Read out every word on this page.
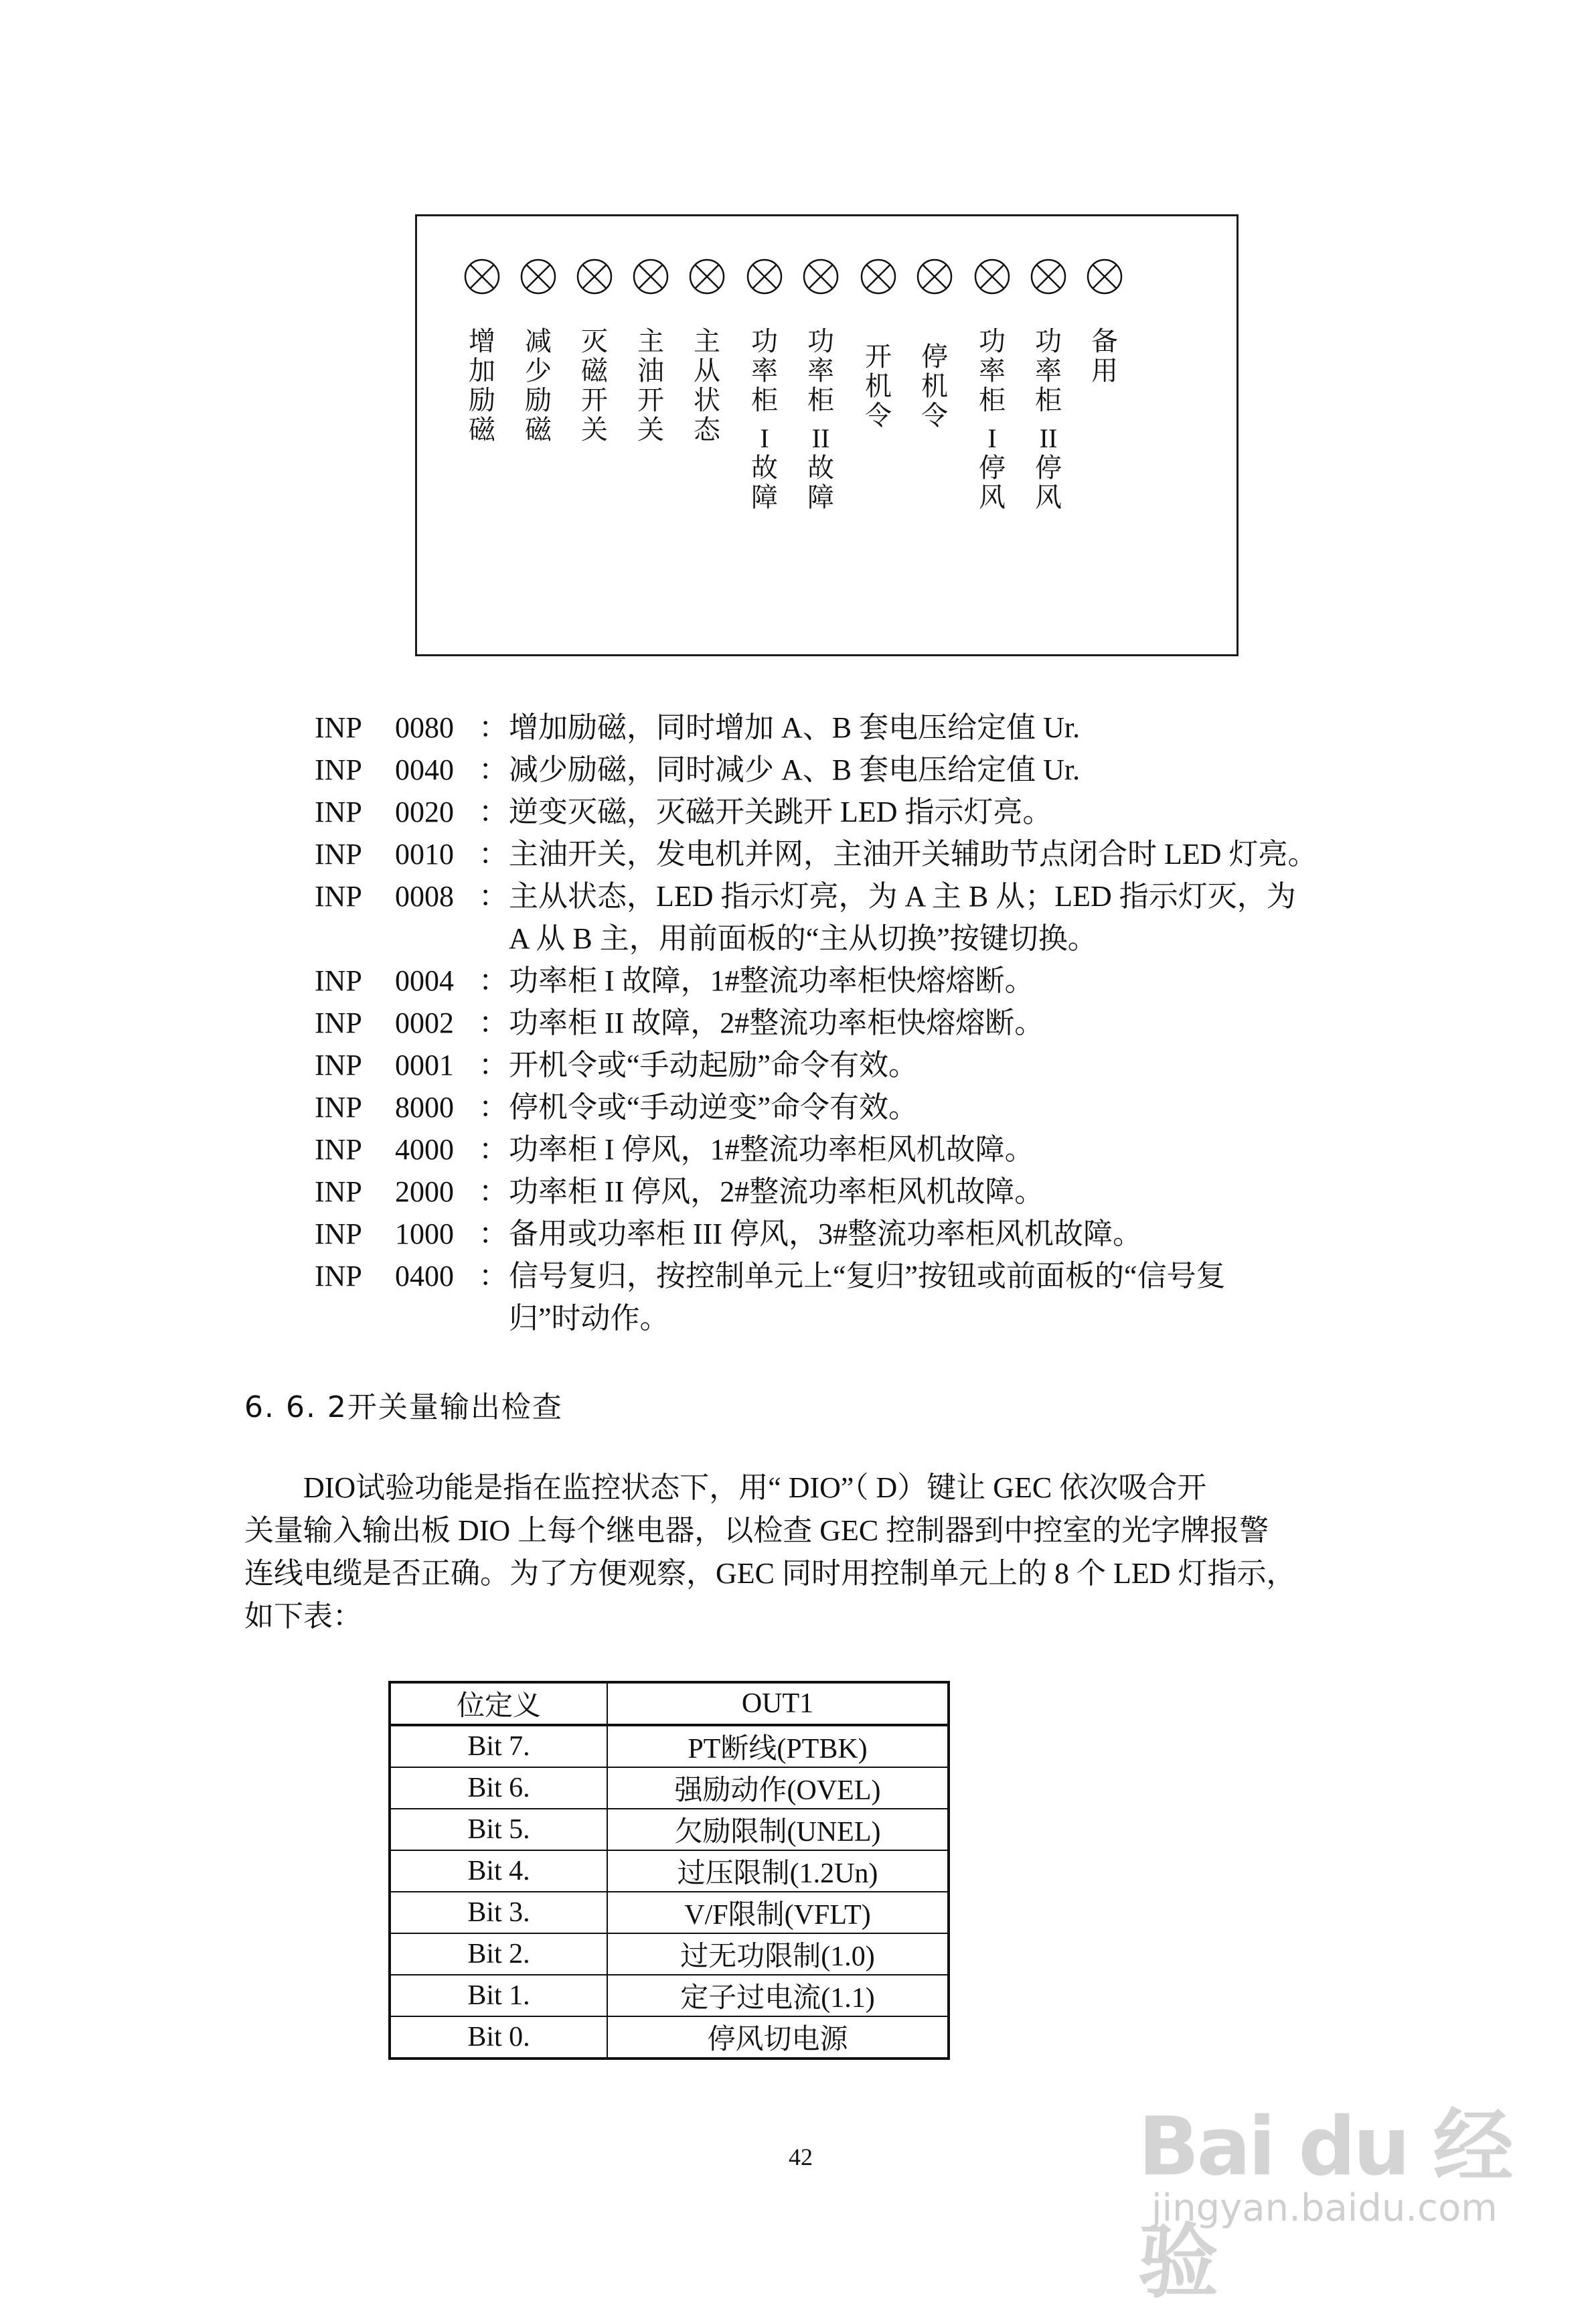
增
加
励
磁
减
少
励
磁
灭
磁
开
关
主
油
开
关
主
从
状
态
功
率
柜
I
故
障
功
率
柜
II
故
障
开
机
令
停
机
令
功
率
柜
I
停
风
功
率
柜
II
停
风
备
用
INP 0080 ： 增加励磁，同时增加 A、B 套电压给定值 Ur.
INP 0040 ： 减少励磁，同时减少 A、B 套电压给定值 Ur.
INP 0020 ： 逆变灭磁，灭磁开关跳开 LED 指示灯亮。
INP 0010 ： 主油开关，发电机并网，主油开关辅助节点闭合时 LED 灯亮。
INP 0008 ： 主从状态，LED 指示灯亮，为 A 主 B 从；LED 指示灯灭，为
A 从 B 主，用前面板的“主从切换”按键切换。
INP 0004 ： 功率柜 I 故障，1#整流功率柜快熔熔断。
INP 0002 ： 功率柜 II 故障，2#整流功率柜快熔熔断。
INP 0001 ： 开机令或“手动起励”命令有效。
INP 8000 ： 停机令或“手动逆变”命令有效。
INP 4000 ： 功率柜 I 停风，1#整流功率柜风机故障。
INP 2000 ： 功率柜 II 停风，2#整流功率柜风机故障。
INP 1000 ： 备用或功率柜 III 停风，3#整流功率柜风机故障。
INP 0400 ： 信号复归，按控制单元上“复归”按钮或前面板的“信号复
归”时动作。
6. 6. 2开关量输出检查

　　DIO试验功能是指在监控状态下，用“ DIO”（ D）键让 GEC 依次吸合开

关量输入输出板 DIO 上每个继电器，以检查 GEC 控制器到中控室的光字牌报警

连线电缆是否正确。为了方便观察，GEC 同时用控制单元上的 8 个 LED 灯指示，

如下表：

位定义	OUT1
Bit 7.	PT断线(PTBK)
Bit 6.	强励动作(OVEL)
Bit 5.	欠励限制(UNEL)
Bit 4.	过压限制(1.2Un)
Bit 3.	V/F限制(VFLT)
Bit 2.	过无功限制(1.0)
Bit 1.	定子过电流(1.1)
Bit 0.	停风切电源
42	Bai du 经验
jingyan.baidu.com
